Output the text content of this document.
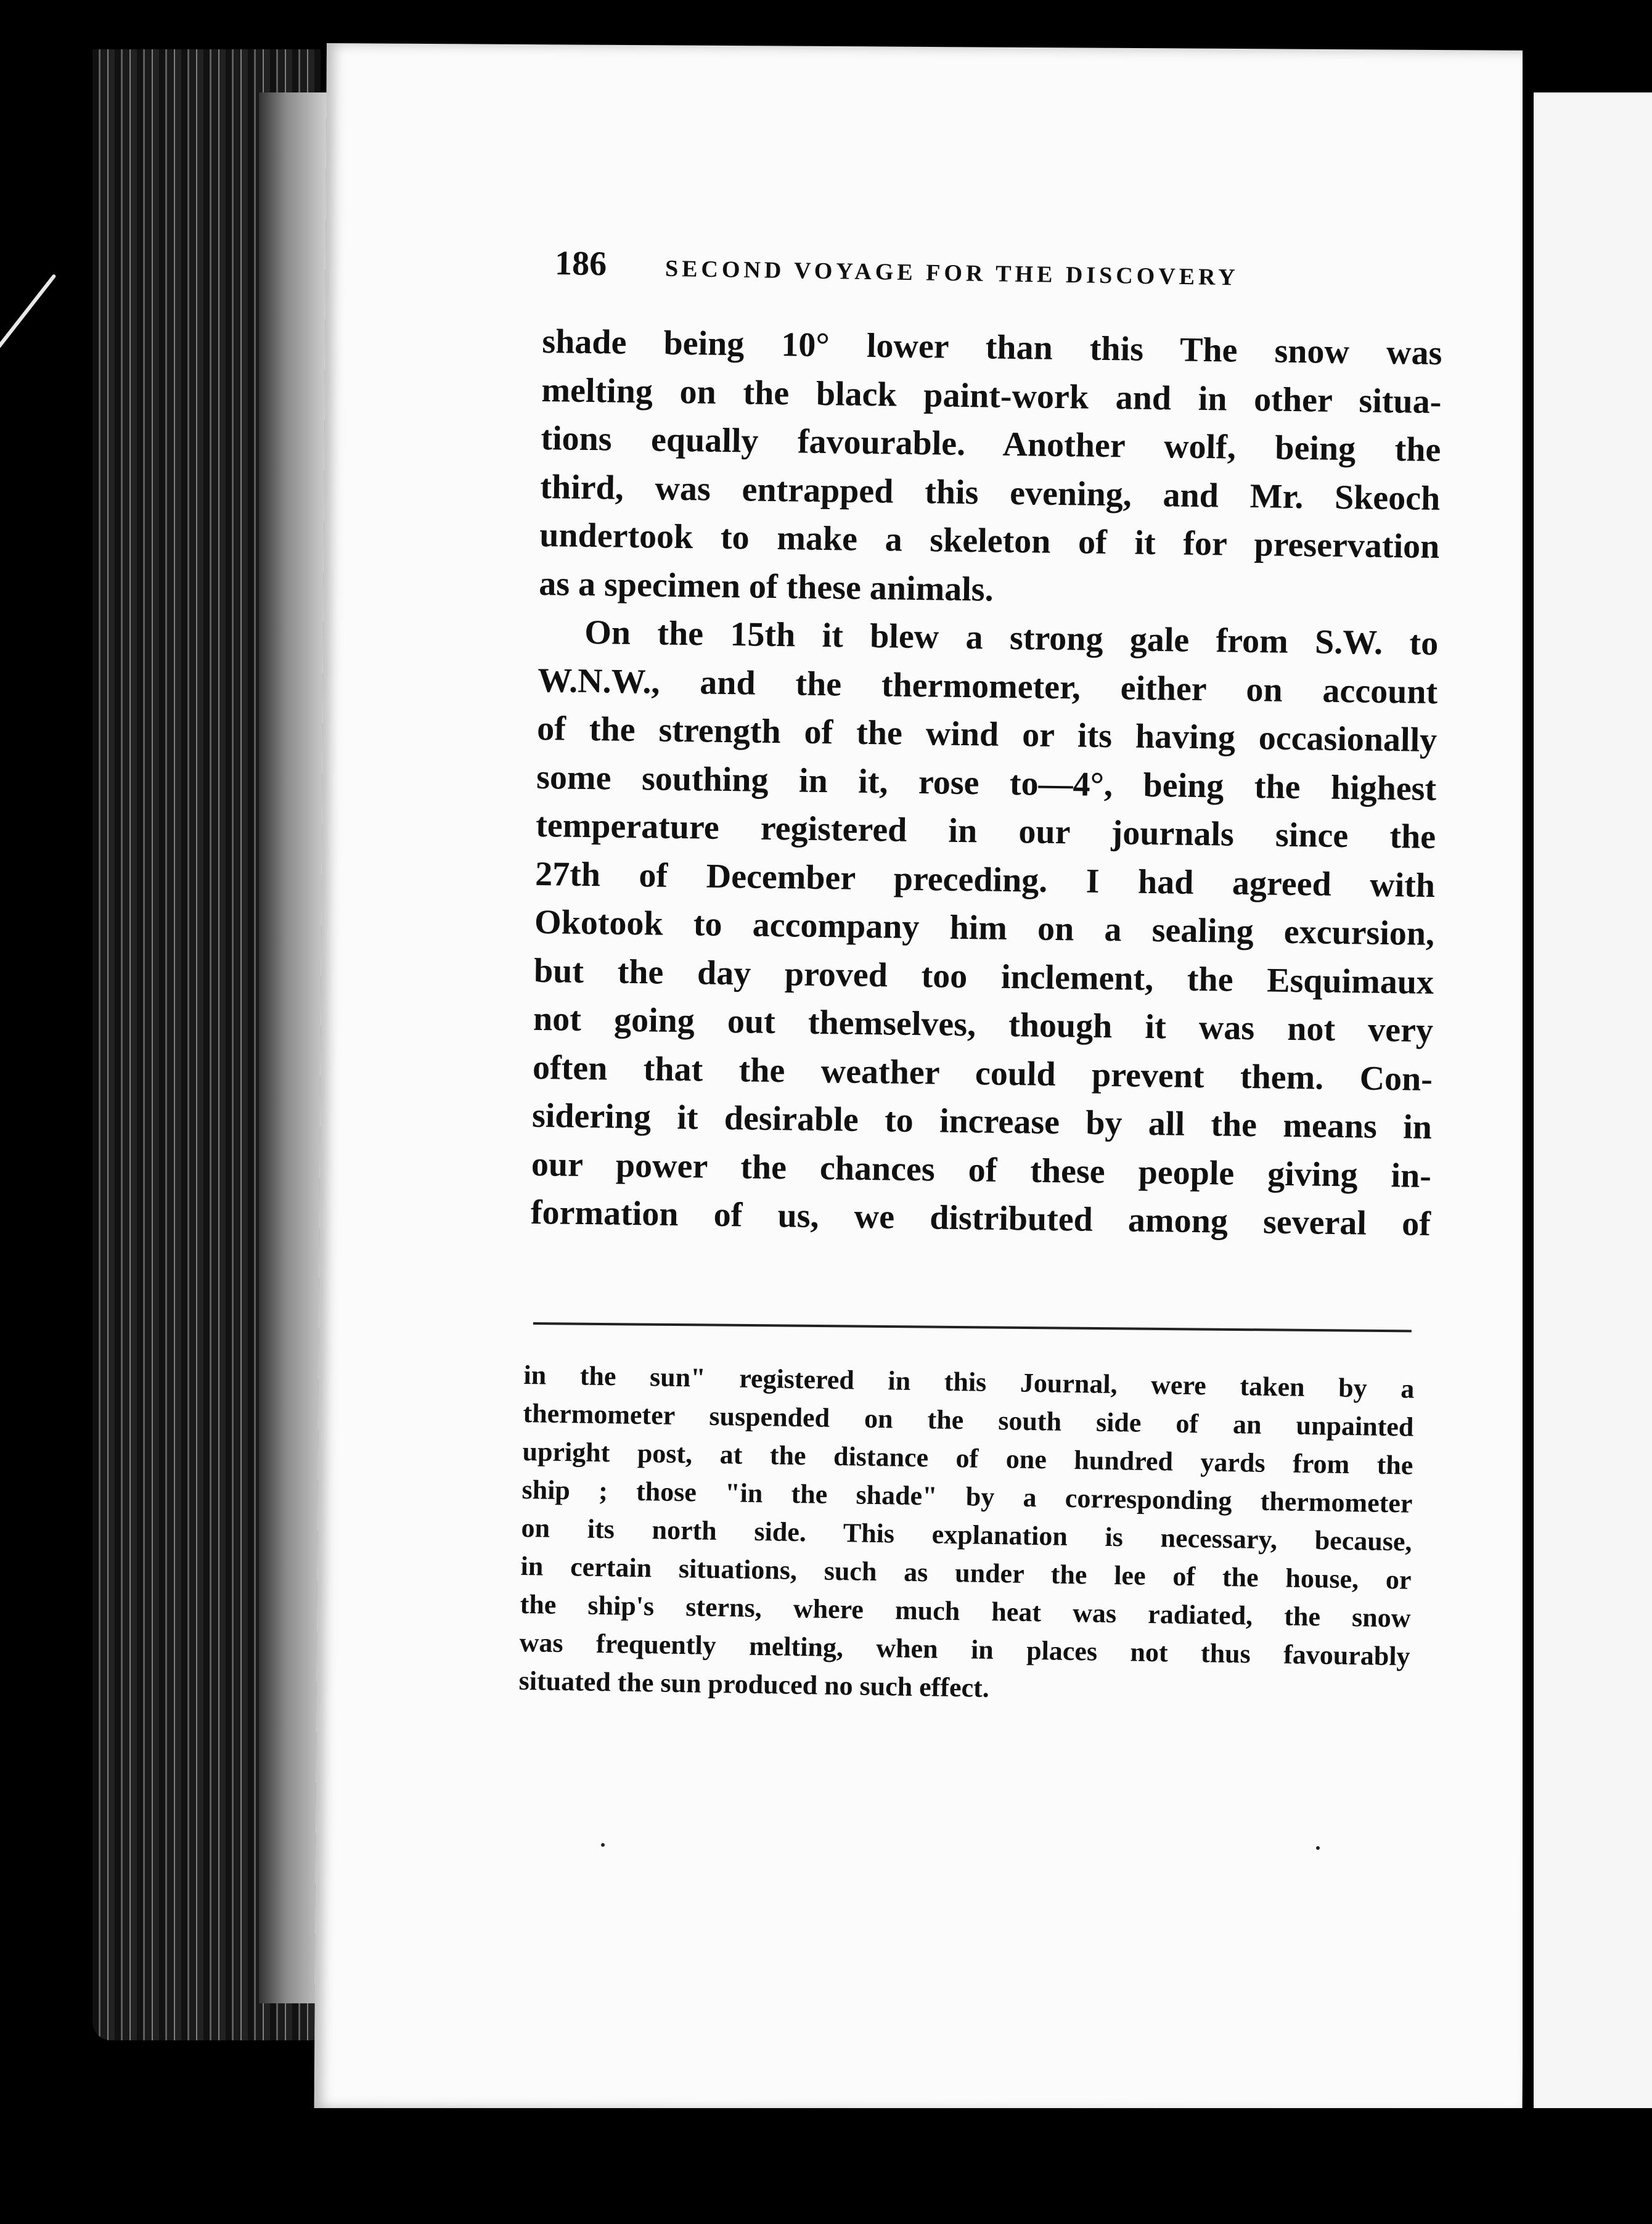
186 SECOND VOYAGE FOR THE DISCOVERY

shade being 10° lower than this The snow was
melting on the black paint-work and in other situa-
tions equally favourable. Another wolf, being the
third, was entrapped this evening, and Mr. Skeoch
undertook to make a skeleton of it for preservation
as a specimen of these animals.

On the 15th it blew a strong gale from S.W. to
W.N.W., and the thermometer, either on account
of the strength of the wind or its having occasionally
some southing in it, rose to—4°, being the highest
temperature registered in our journals since the
27th of December preceding. I had agreed with
Okotook to accompany him on a sealing excursion,
but the day proved too inclement, the Esquimaux
not going out themselves, though it was not very
often that the weather could prevent them. Con-
sidering it desirable to increase by all the means in
our power the chances of these people giving in-
formation of us, we distributed among several of

in the sun" registered in this Journal, were taken by a
thermometer suspended on the south side of an unpainted
upright post, at the distance of one hundred yards from the
ship ; those "in the shade" by a corresponding thermometer
on its north side. This explanation is necessary, because,
in certain situations, such as under the lee of the house, or
the ship's sterns, where much heat was radiated, the snow
was frequently melting, when in places not thus favourably
situated the sun produced no such effect.
